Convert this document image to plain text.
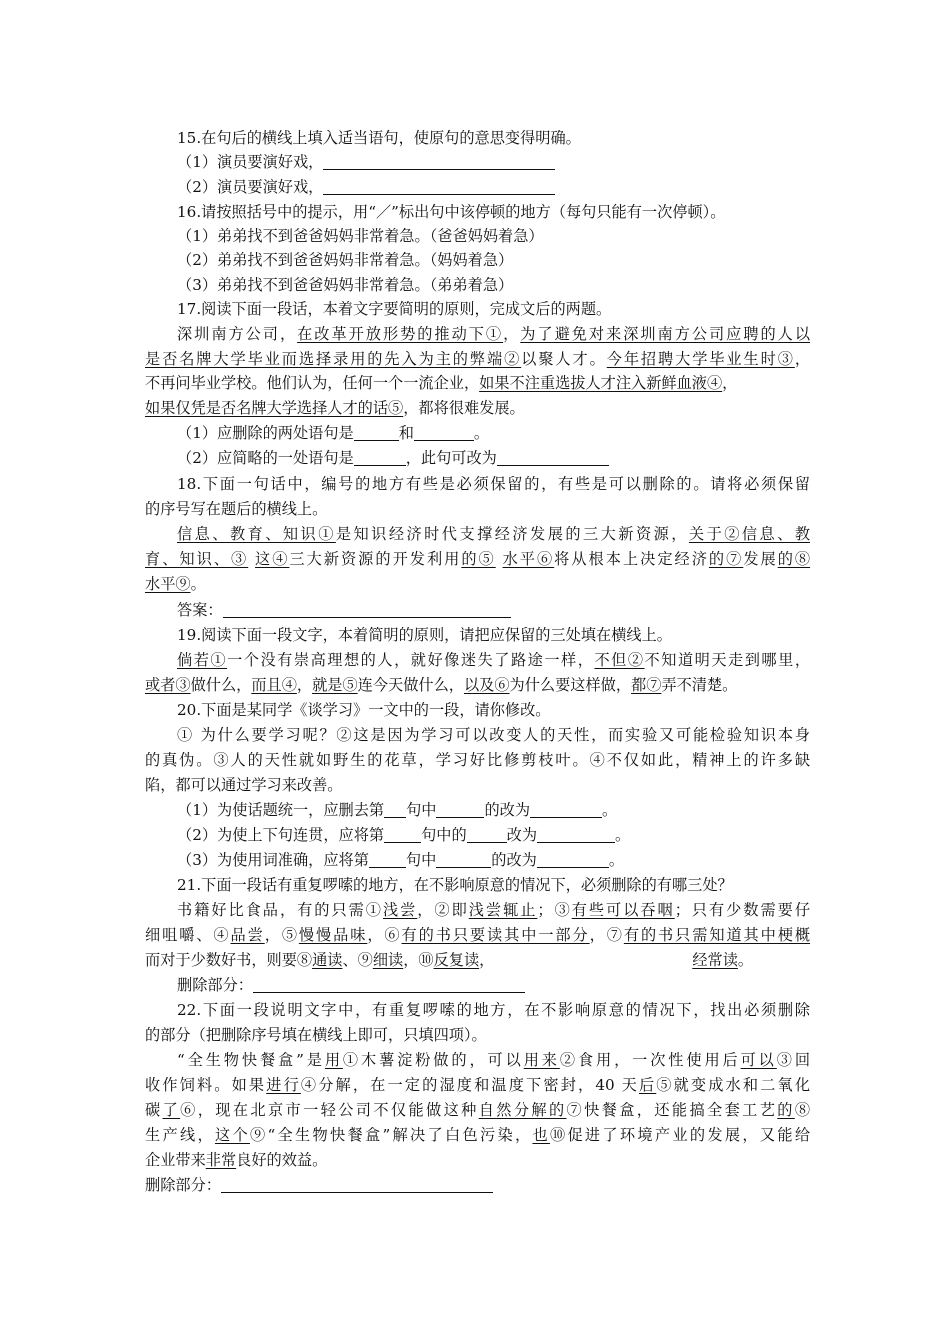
15.在句后的横线上填入适当语句，使原句的意思变得明确。
（1）演员要演好戏，
（2）演员要演好戏，
16.请按照括号中的提示，用“／”标出句中该停顿的地方（每句只能有一次停顿）。
（1）弟弟找不到爸爸妈妈非常着急。（爸爸妈妈着急）
（2）弟弟找不到爸爸妈妈非常着急。（妈妈着急）
（3）弟弟找不到爸爸妈妈非常着急。（弟弟着急）
17.阅读下面一段话，本着文字要简明的原则，完成文后的两题。
深圳南方公司，在改革开放形势的推动下①，为了避免对来深圳南方公司应聘的人以
是否名牌大学毕业而选择录用的先入为主的弊端②以聚人才。今年招聘大学毕业生时③，
不再问毕业学校。他们认为，任何一个一流企业，如果不注重选拔人才注入新鲜血液④，
如果仅凭是否名牌大学选择人才的话⑤，都将很难发展。
（1）应删除的两处语句是	和	。
（2）应简略的一处语句是	，此句可改为
18.下面一句话中，编号的地方有些是必须保留的，有些是可以删除的。请将必须保留
的序号写在题后的横线上。
信息、教育、知识①是知识经济时代支撑经济发展的三大新资源，关于②信息、教
育、知识、③ 这④三大新资源的开发利用的⑤ 水平⑥将从根本上决定经济的⑦发展的⑧
水平⑨。
答案：
19.阅读下面一段文字，本着简明的原则，请把应保留的三处填在横线上。
倘若①一个没有崇高理想的人，就好像迷失了路途一样，不但②不知道明天走到哪里，
或者③做什么，而且④，就是⑤连今天做什么，以及⑥为什么要这样做，都⑦弄不清楚。
20.下面是某同学《谈学习》一文中的一段，请你修改。
① 为什么要学习呢？②这是因为学习可以改变人的天性，而实验又可能检验知识本身
的真伪。③人的天性就如野生的花草，学习好比修剪枝叶。④不仅如此，精神上的许多缺
陷，都可以通过学习来改善。
（1）为使话题统一，应删去第 句中	的改为	。
（2）为使上下句连贯，应将第 句中的	改为	。
（3）为使用词准确，应将第 句中	的改为	。
21.下面一段话有重复啰嗦的地方，在不影响原意的情况下，必须删除的有哪三处？
书籍好比食品，有的只需①浅尝，②即浅尝辄止；③有些可以吞咽；只有少数需要仔
细咀嚼、④品尝，⑤慢慢品味，⑥有的书只要读其中一部分，⑦有的书只需知道其中梗概
而对于少数好书，则要⑧通读、⑨细读，⑩反复读，	经常读。
删除部分：
22.下面一段说明文字中，有重复啰嗦的地方，在不影响原意的情况下，找出必须删除
的部分（把删除序号填在横线上即可，只填四项）。
“全生物快餐盒”是用①木薯淀粉做的，可以用来②食用，一次性使用后可以③回
收作饲料。如果进行④分解，在一定的湿度和温度下密封，40 天后⑤就变成水和二氧化
碳了⑥，现在北京市一轻公司不仅能做这种自然分解的⑦快餐盒，还能搞全套工艺的⑧
生产线，这个⑨“全生物快餐盒”解决了白色污染，也⑩促进了环境产业的发展，又能给
企业带来非常良好的效益。
删除部分：
